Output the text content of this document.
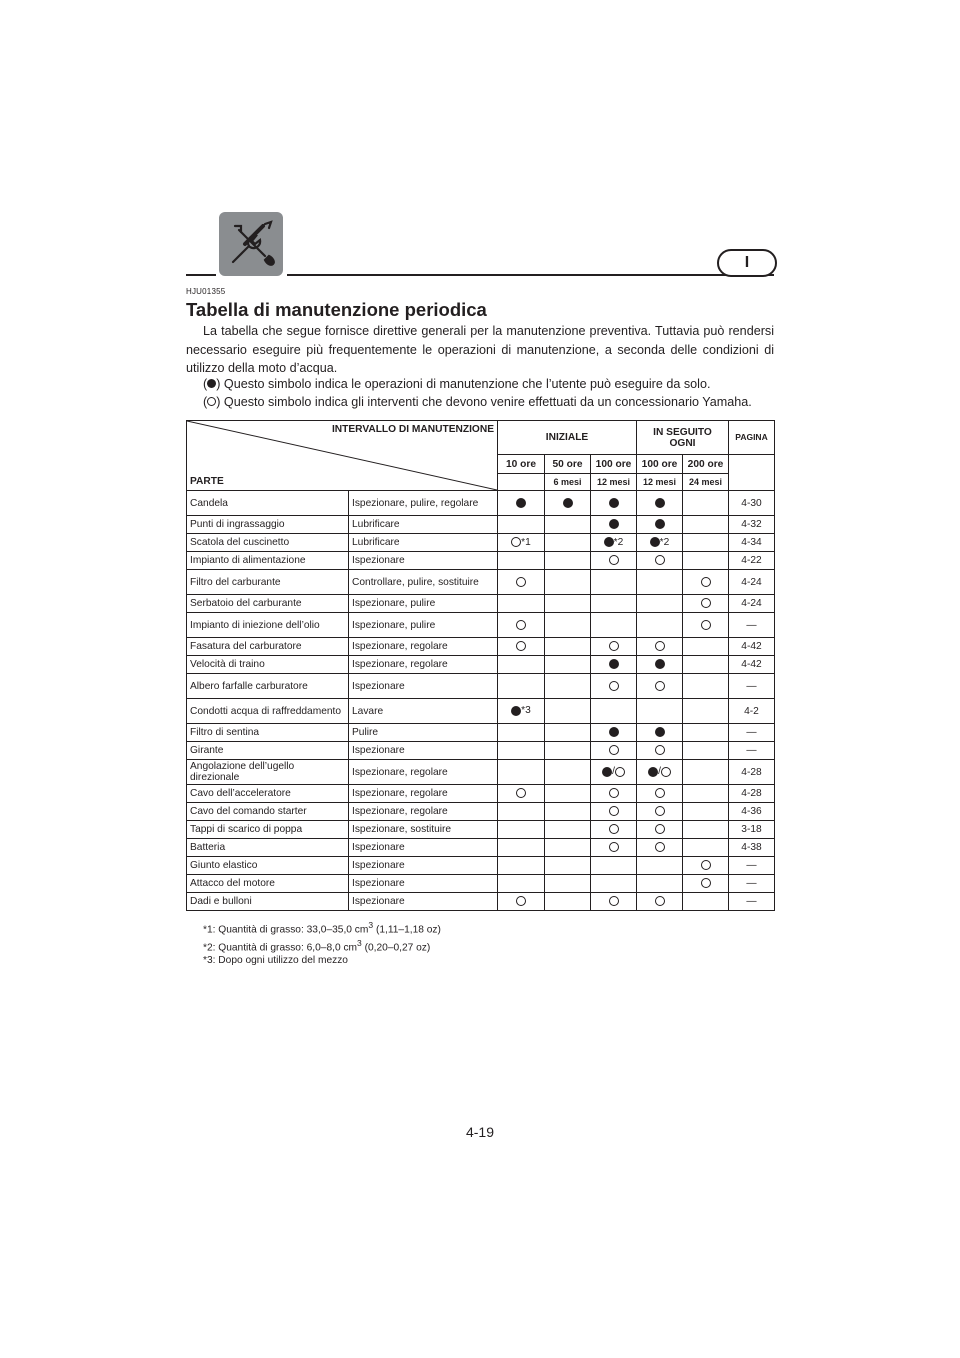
I
HJU01355
Tabella di manutenzione periodica

La tabella che segue fornisce direttive generali per la manutenzione preventiva. Tuttavia può rendersi necessario eseguire più frequentemente le operazioni di manutenzione, a seconda delle condizioni di utilizzo della moto d’acqua.

( ) Questo simbolo indica le operazioni di manutenzione che l’utente può eseguire da solo.

( ) Questo simbolo indica gli interventi che devono venire effettuati da un concessionario Yamaha.

INTERVALLO DI MANUTENZIONE
PARTE		INIZIALE			IN SEGUITO OGNI		PAGINA
		10 ore	50 ore	100 ore	100 ore	200 ore	
			6 mesi	12 mesi	12 mesi	24 mesi	
Candela	Ispezionare, pulire, regolare						4-30
Punti di ingrassaggio	Lubrificare						4-32
Scatola del cuscinetto	Lubrificare	*1		*2	*2		4-34
Impianto di alimentazione	Ispezionare						4-22
Filtro del carburante	Controllare, pulire, sostituire						4-24
Serbatoio del carburante	Ispezionare, pulire						4-24
Impianto di iniezione dell’olio	Ispezionare, pulire						—
Fasatura del carburatore	Ispezionare, regolare						4-42
Velocità di traino	Ispezionare, regolare						4-42
Albero farfalle carburatore	Ispezionare						—
Condotti acqua di raffreddamento	Lavare	*3					4-2
Filtro di sentina	Pulire						—
Girante	Ispezionare						—
Angolazione dell’ugello direzionale	Ispezionare, regolare			/	/		4-28
Cavo dell’acceleratore	Ispezionare, regolare						4-28
Cavo del comando starter	Ispezionare, regolare						4-36
Tappi di scarico di poppa	Ispezionare, sostituire						3-18
Batteria	Ispezionare						4-38
Giunto elastico	Ispezionare						—
Attacco del motore	Ispezionare						—
Dadi e bulloni	Ispezionare						—

*1: Quantità di grasso: 33,0–35,0 $cm^3$ (1,11–1,18 oz)

*2: Quantità di grasso: 6,0–8,0 $cm^3$ (0,20–0,27 oz)

*3: Dopo ogni utilizzo del mezzo

4-19
